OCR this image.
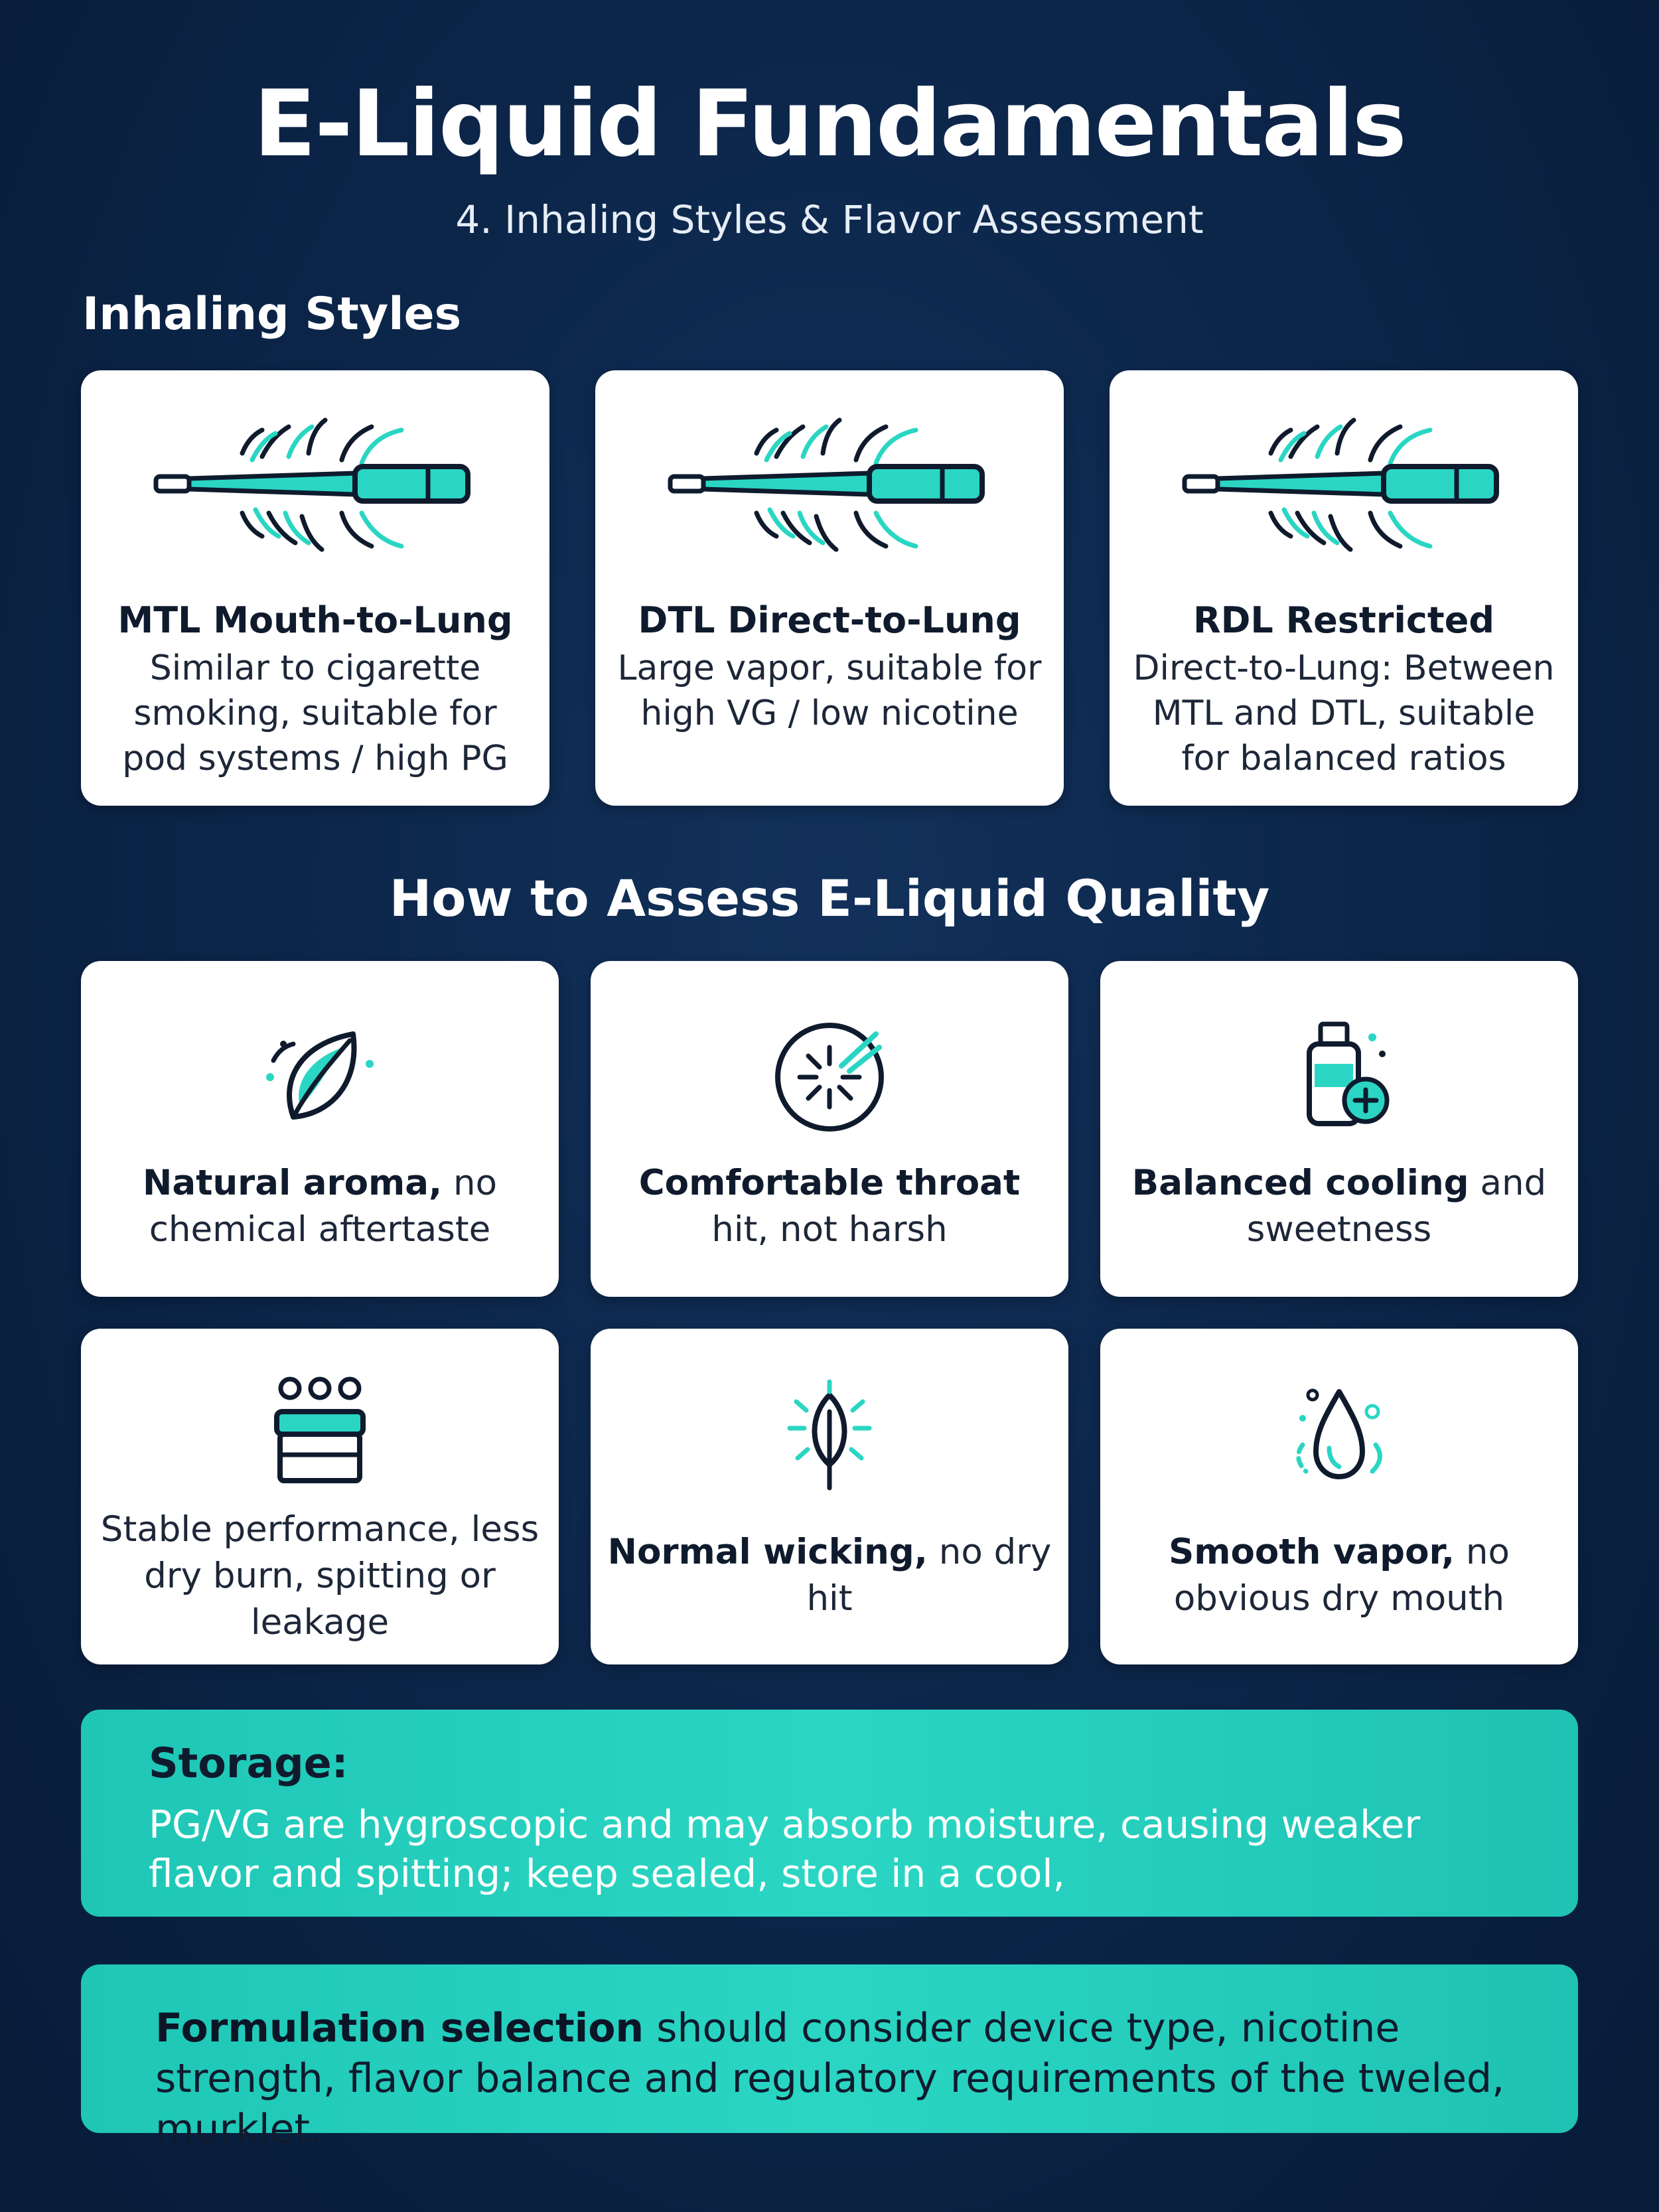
E-Liquid Fundamentals
4. Inhaling Styles & Flavor Assessment
Inhaling Styles
MTL Mouth-to-Lung
Similar to cigarette smoking, suitable for pod systems / high PG
DTL Direct-to-Lung
Large vapor, suitable for high VG / low nicotine
RDL Restricted
Direct-to-Lung: Between MTL and DTL, suitable for balanced ratios
How to Assess E-Liquid Quality
Natural aroma, no chemical aftertaste
Comfortable throat hit, not harsh
Balanced cooling and sweetness
Stable performance, less dry burn, spitting or leakage
Normal wicking, no dry hit
Smooth vapor, no obvious dry mouth
Storage:
PG/VG are hygroscopic and may absorb moisture, causing weaker flavor and spitting; keep sealed, store in a cool,
Formulation selection should consider device type, nicotine strength, flavor balance and regulatory requirements of the tweled, murklet.
